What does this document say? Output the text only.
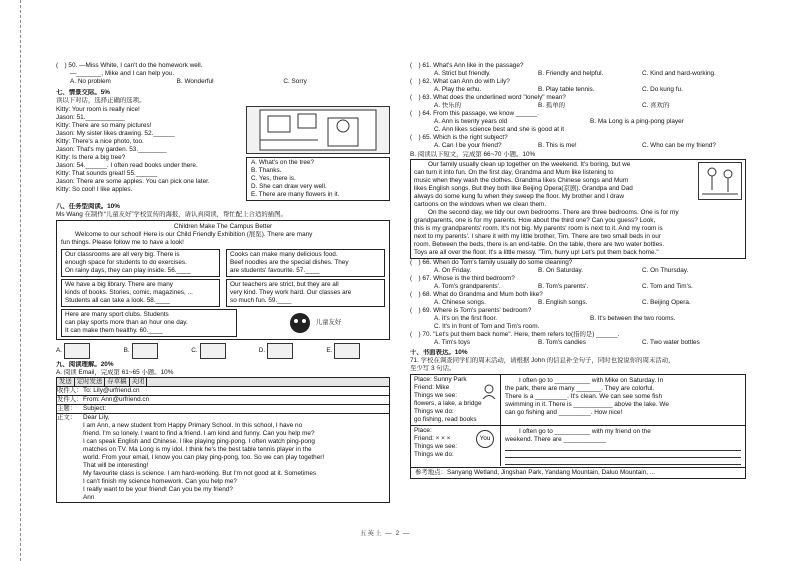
(　) 50. —Miss White, I can't do the homework well.
—_______, Mike and I can help you.
A. No problem	B. Wonderful	C. Sorry
七、情景交际。5%
读以下对话，选择正确的选项。
Kitty: Your room is really nice!
Jason: 51.___________
Kitty: There are so many pictures!
Jason: My sister likes drawing. 52.______
Kitty: There's a nice photo, too.
Jason: That's my garden. 53.________
Kitty: Is there a big tree?
Jason: 54.______. I often read books under there.
Kitty: That sounds great! 55.______
Jason: There are some apples. You can pick one later.
Kitty: So cool! I like apples.
A. What's on the tree?
B. Thanks.
C. Yes, there is.
D. She can draw very well.
E. There are many flowers in it.
八、任务型阅读。10%
Ms Wang 在制作“儿童友好”学校宣传的海报，请认真阅读，帮忙配上合适的插图。
Children Make The Campus Better
Welcome to our school! Here is our Child Friendly Exhibition (展览). There are many
fun things. Please follow me to have a look!
Our classrooms are all very big. There is
enough space for students to do exercises.
On rainy days, they can play inside. 56.____
Cooks can make many delicious food.
Beef noodles are the special dishes. They
are students' favourite. 57.____
We have a big library. There are many
kinds of books. Stories, comic, magazines, ...
Students all can take a look. 58.____
Our teachers are strict, but they are all
very kind. They work hard. Our classes are
so much fun. 59.____
Here are many sport clubs. Students
can play sports more than an hour one day.
It can make them healthy. 60.____
儿童友好
A.	B.	C.	D.	E.
九、阅读理解。20%
A. 阅读 Email，完成第 61~65 小题。10%
发送 定时发送 存草稿 关闭
收件人： To: Lily@urfriend.cn
发件人： From: Ann@urfriend.cn
主题：	Subject:
正文：	Dear Lily,
I am Ann, a new student from Happy Primary School. In this school, I have no
friend. I'm so lonely. I want to find a friend. I am kind and funny. Can you help me?
I can speak English and Chinese. I like playing ping-pong. I often watch ping-pong
matches on TV. Ma Long is my idol. I think he's the best table tennis player in the
world. From your email, I know you can play ping-pong, too. So we can play together!
That will be interesting!
My favourite class is science. I am hard-working. But I'm not good at it. Sometimes
I can't finish my science homework. Can you help me?
I really want to be your friend! Can you be my friend?
Ann
(　) 61. What's Ann like in the passage?
A. Strict but friendly.	B. Friendly and helpful.	C. Kind and hard-working.
(　) 62. What can Ann do with Lily?
A. Play the erhu.	B. Play table tennis.	C. Do kung fu.
(　) 63. What does the underlined word "lonely" mean?
A. 快乐的	B. 孤单的	C. 喜欢的
(　) 64. From this passage, we know ______.
A. Ann is twenty years old	B. Ma Long is a ping-pong player
C. Ann likes science best and she is good at it
(　) 65. Which is the right subject?
A. Can I be your friend?	B. This is me!	C. Who can be my friend?
B. 阅读以下短文，完成第 66~70 小题。10%
Our family usually clean up together on the weekend. It's boring, but we
can turn it into fun. On the first day, Grandma and Mum like listening to
music when they wash the clothes. Grandma likes Chinese songs and Mum
likes English songs. But they both like Beijing Opera(京剧). Grandpa and Dad
always do some kung fu when they sweep the floor. My brother and I draw
cartoons on the windows when we clean them.
On the second day, we tidy our own bedrooms. There are three bedrooms. One is for my
grandparents, one is for my parents. How about the third one? Can you guess? Look,
this is my grandparents' room. It's not big. My parents' room is next to it. And my room is
next to my parents'. I share it with my little brother, Tim. There are two small beds in our
room. Between the beds, there is an end-table. On the table, there are two water bottles.
Toys are all over the floor. It's a little messy. "Tim, hurry up! Let's put them back home."
(　) 66. When do Tom's family usually do some cleaning?
A. On Friday.	B. On Saturday.	C. On Thursday.
(　) 67. Whose is the third bedroom?
A. Tom's grandparents'.	B. Tom's parents'.	C. Tom and Tim's.
(　) 68. What do Grandma and Mum both like?
A. Chinese songs.	B. English songs.	C. Beijing Opera.
(　) 69. Where is Tom's parents' bedroom?
A. It's on the first floor.	B. It's between the two rooms.
C. It's in front of Tom and Tim's room.
(　) 70. "Let's put them back home". Here, them refers to(指的是) ______.
A. Tim's toys	B. Tom's candies	C. Two water bottles
十、书面表达。10%
71. 学校在调查同学们的周末活动，请根据 John 的信息补全句子，同时也说说你的周末活动，
至少写 3 句话。
Place: Sunny Park
Friend: Mike
Things we see:
flowers, a lake, a bridge
Things we do:
go fishing, read books
I often go to __________ with Mike on Saturday. In
the park, there are many _______. They are colorful.
There is a _________. It's clean. We can see some fish
swimming in it. There is ___________ above the lake. We
can go fishing and _________. How nice!
Place:
Friend: × × ×
Things we see:
Things we do:
You
I often go to __________ with my friend on the
weekend. There are ____________
参考地点：Sanyang Wetland, Jingshan Park, Yandang Mountain, Daluo Mountain, ...
五英上 — 2 —
